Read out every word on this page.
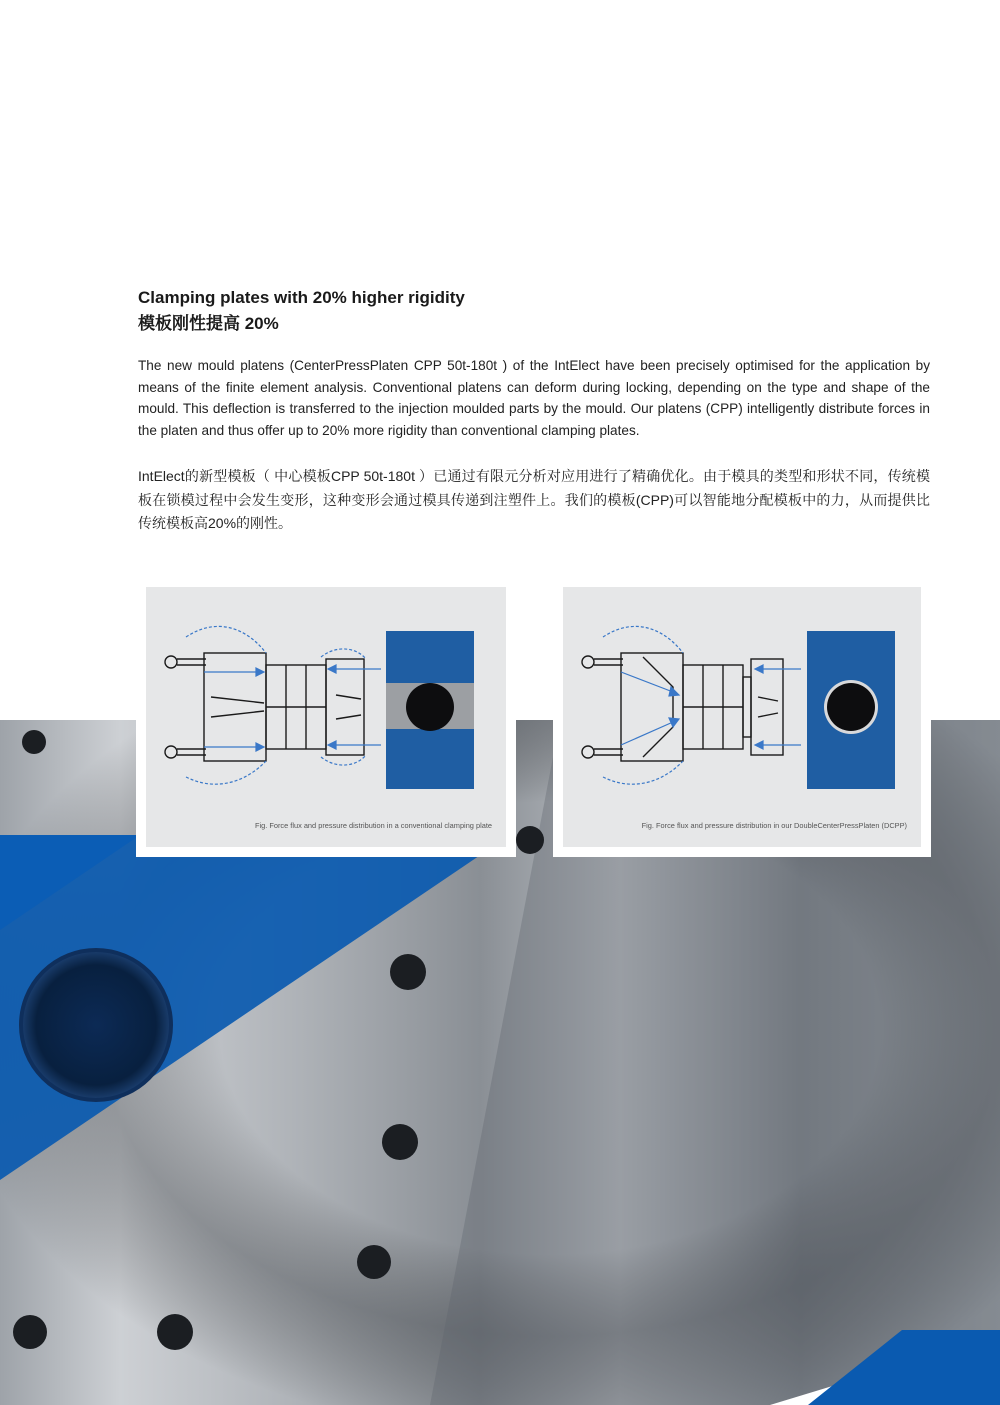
Clamping plates with 20% higher rigidity
模板刚性提高 20%

The new mould platens (CenterPressPlaten CPP 50t-180t ) of the IntElect have been precisely optimised for the application by means of the finite element analysis. Conventional platens can deform during locking, depending on the type and shape of the mould. This deflection is transferred to the injection moulded parts by the mould. Our platens (CPP) intelligently distribute forces in the platen and thus offer up to 20% more rigidity than conventional clamping plates.

IntElect的新型模板（ 中心模板CPP 50t-180t ）已通过有限元分析对应用进行了精确优化。由于模具的类型和形状不同，传统模板在锁模过程中会发生变形，这种变形会通过模具传递到注塑件上。我们的模板(CPP)可以智能地分配模板中的力，从而提供比传统模板高20%的刚性。

Fig. Force flux and pressure distribution in a conventional clamping plate	Fig. Force flux and pressure distribution in our DoubleCenterPressPlaten (DCPP)
